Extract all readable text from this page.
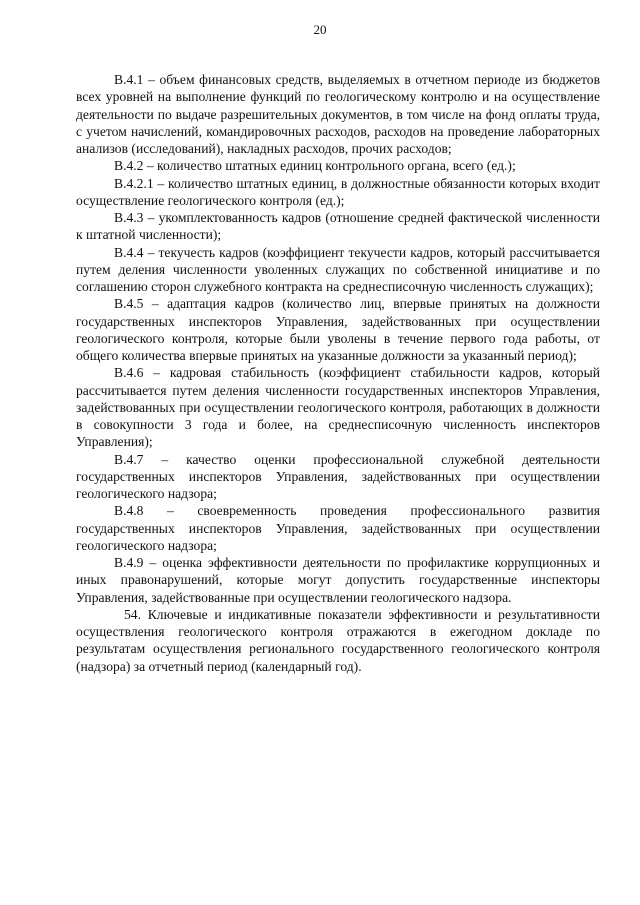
20

В.4.1 – объем финансовых средств, выделяемых в отчетном периоде из бюджетов всех уровней на выполнение функций по геологическому контролю и на осуществление деятельности по выдаче разрешительных документов, в том числе на фонд оплаты труда, с учетом начислений, командировочных расходов, расходов на проведение лабораторных анализов (исследований), накладных расходов, прочих расходов;

В.4.2 – количество штатных единиц контрольного органа, всего (ед.);

В.4.2.1 – количество штатных единиц, в должностные обязанности которых входит осуществление геологического контроля (ед.);

В.4.3 – укомплектованность кадров (отношение средней фактической численности к штатной численности);

В.4.4 – текучесть кадров (коэффициент текучести кадров, который рассчитывается путем деления численности уволенных служащих по собственной инициативе и по соглашению сторон служебного контракта на среднесписочную численность служащих);

В.4.5 – адаптация кадров (количество лиц, впервые принятых на должности государственных инспекторов Управления, задействованных при осуществлении геологического контроля, которые были уволены в течение первого года работы, от общего количества впервые принятых на указанные должности за указанный период);

В.4.6 – кадровая стабильность (коэффициент стабильности кадров, который рассчитывается путем деления численности государственных инспекторов Управления, задействованных при осуществлении геологического контроля, работающих в должности в совокупности 3 года и более, на среднесписочную численность инспекторов Управления);

В.4.7 – качество оценки профессиональной служебной деятельности государственных инспекторов Управления, задействованных при осуществлении геологического надзора;

В.4.8 – своевременность проведения профессионального развития государственных инспекторов Управления, задействованных при осуществлении геологического надзора;

В.4.9 – оценка эффективности деятельности по профилактике коррупционных и иных правонарушений, которые могут допустить государственные инспекторы Управления, задействованные при осуществлении геологического надзора.

54. Ключевые и индикативные показатели эффективности и результативности осуществления геологического контроля отражаются в ежегодном докладе по результатам осуществления регионального государственного геологического контроля (надзора) за отчетный период (календарный год).
